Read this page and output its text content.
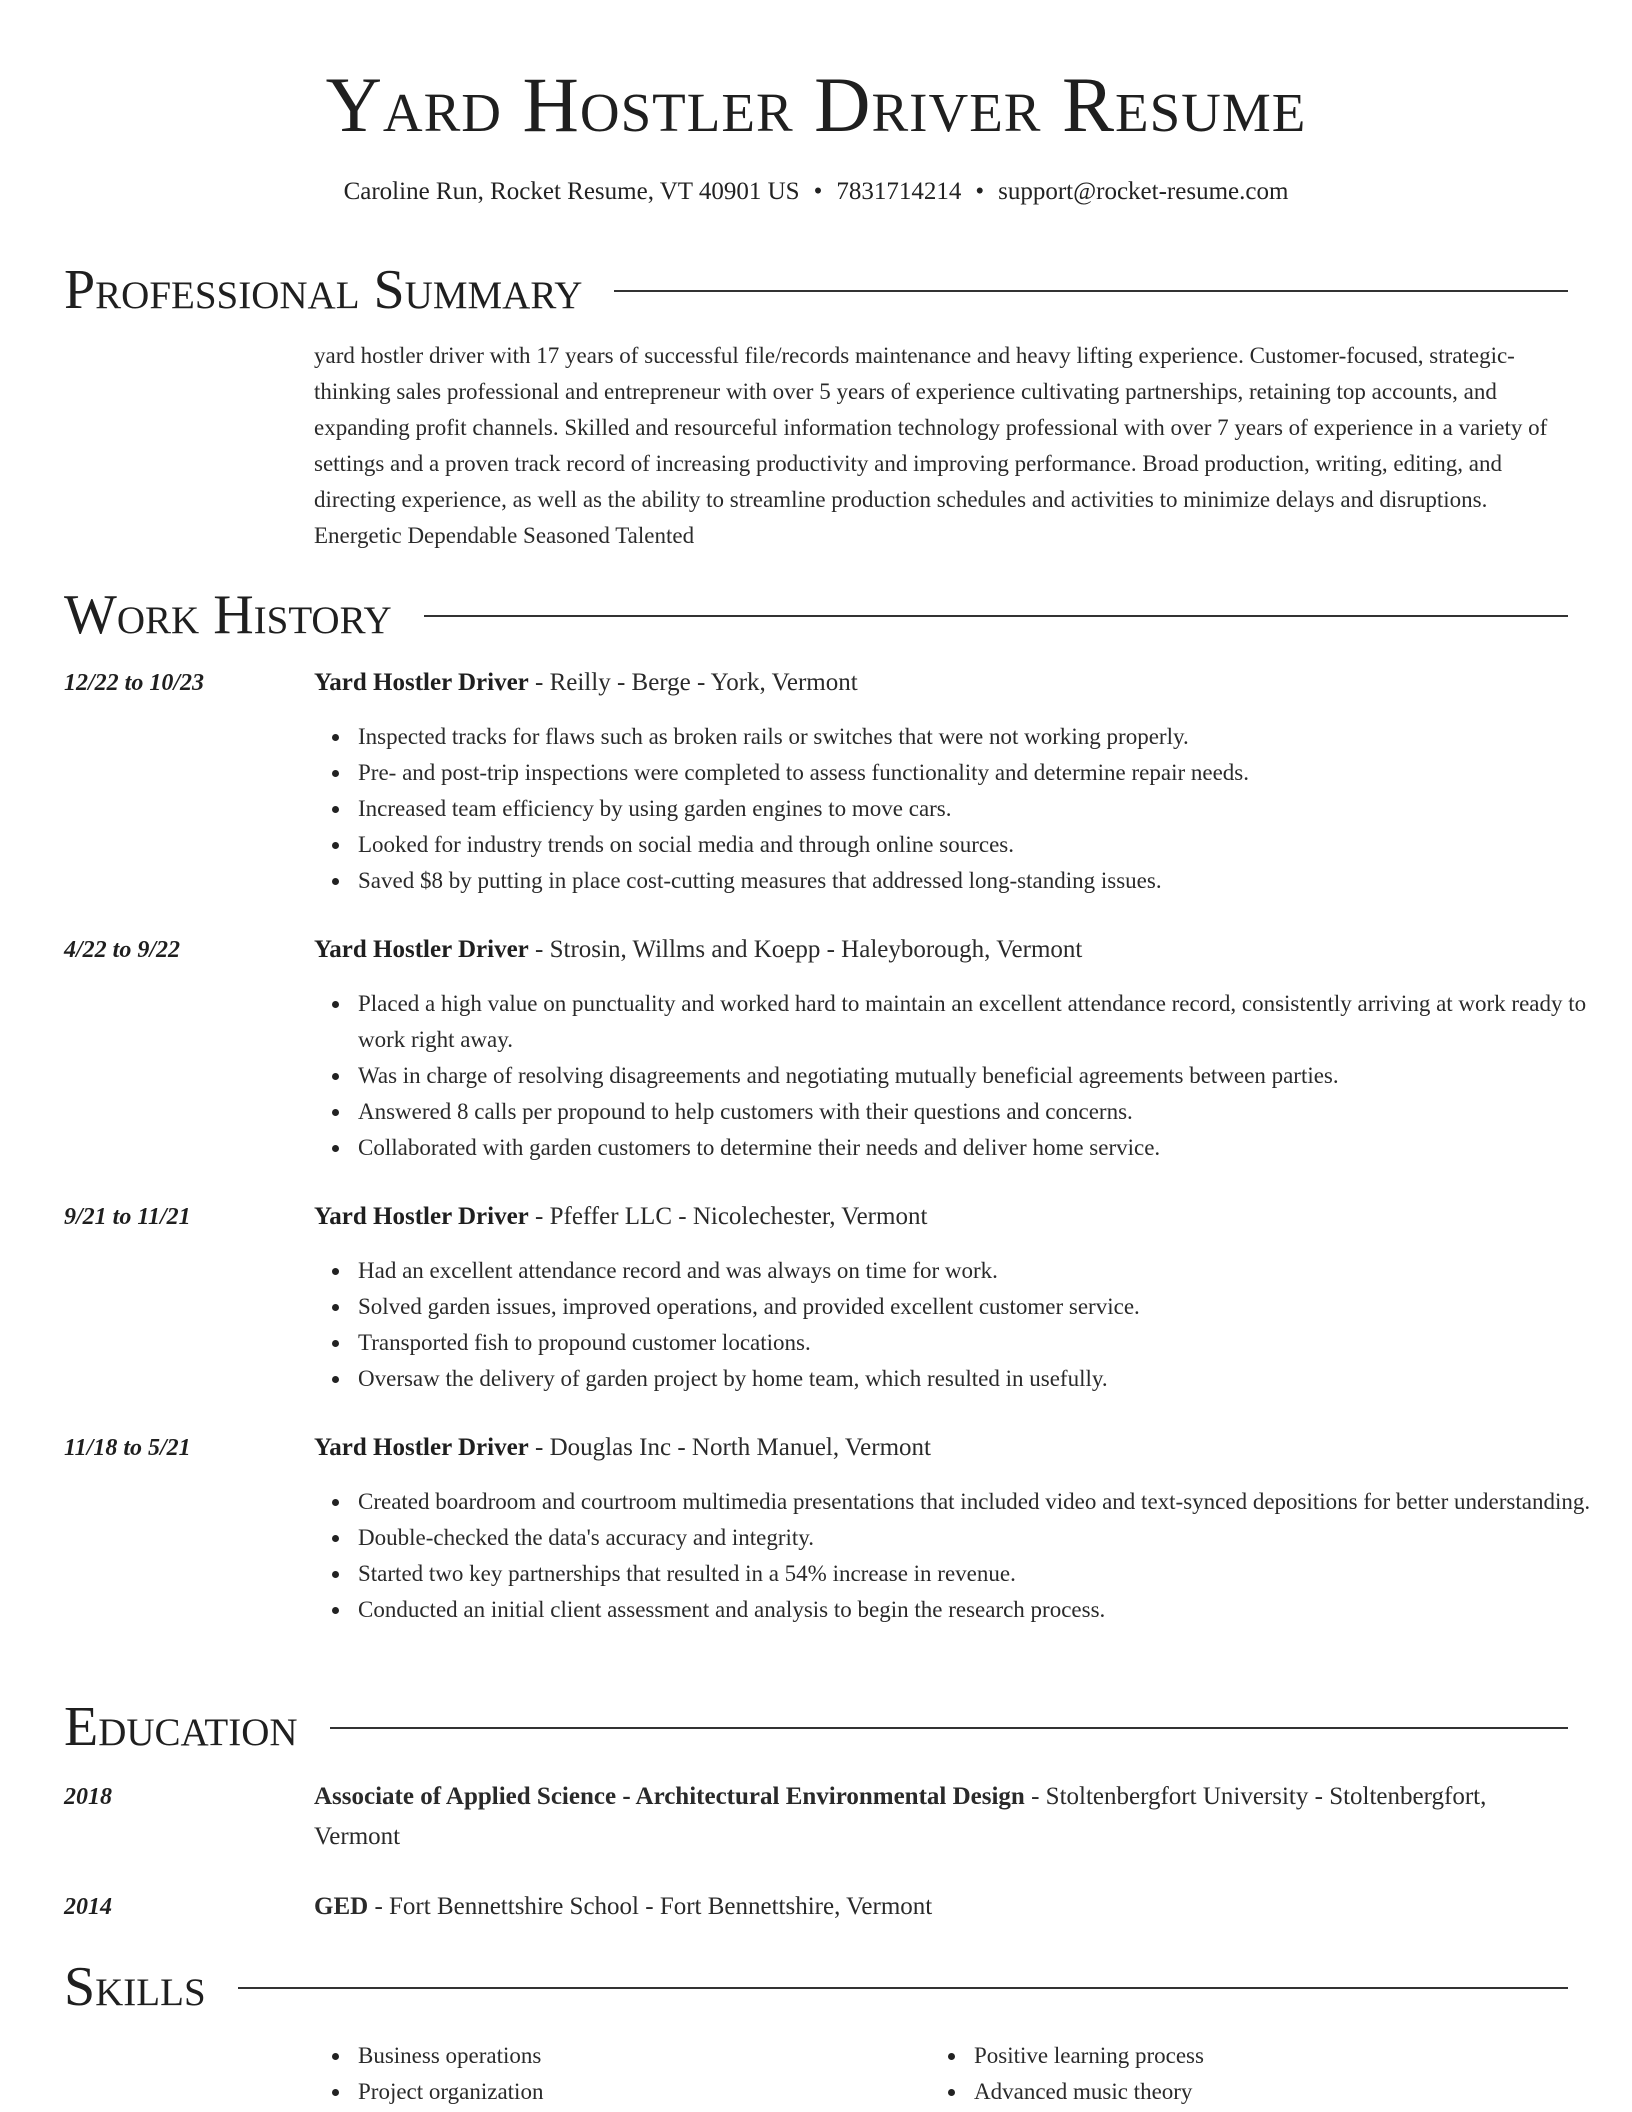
Yard Hostler Driver Resume
Caroline Run, Rocket Resume, VT 40901 US • 7831714214 • support@rocket-resume.com
Professional Summary
yard hostler driver with 17 years of successful file/records maintenance and heavy lifting experience. Customer-focused, strategic-thinking sales professional and entrepreneur with over 5 years of experience cultivating partnerships, retaining top accounts, and expanding profit channels. Skilled and resourceful information technology professional with over 7 years of experience in a variety of settings and a proven track record of increasing productivity and improving performance. Broad production, writing, editing, and directing experience, as well as the ability to streamline production schedules and activities to minimize delays and disruptions. Energetic Dependable Seasoned Talented
Work History
12/22 to 10/23	Yard Hostler Driver - Reilly - Berge - York, Vermont
Inspected tracks for flaws such as broken rails or switches that were not working properly.
Pre- and post-trip inspections were completed to assess functionality and determine repair needs.
Increased team efficiency by using garden engines to move cars.
Looked for industry trends on social media and through online sources.
Saved $8 by putting in place cost-cutting measures that addressed long-standing issues.
4/22 to 9/22	Yard Hostler Driver - Strosin, Willms and Koepp - Haleyborough, Vermont
Placed a high value on punctuality and worked hard to maintain an excellent attendance record, consistently arriving at work ready to work right away.
Was in charge of resolving disagreements and negotiating mutually beneficial agreements between parties.
Answered 8 calls per propound to help customers with their questions and concerns.
Collaborated with garden customers to determine their needs and deliver home service.
9/21 to 11/21	Yard Hostler Driver - Pfeffer LLC - Nicolechester, Vermont
Had an excellent attendance record and was always on time for work.
Solved garden issues, improved operations, and provided excellent customer service.
Transported fish to propound customer locations.
Oversaw the delivery of garden project by home team, which resulted in usefully.
11/18 to 5/21	Yard Hostler Driver - Douglas Inc - North Manuel, Vermont
Created boardroom and courtroom multimedia presentations that included video and text-synced depositions for better understanding.
Double-checked the data's accuracy and integrity.
Started two key partnerships that resulted in a 54% increase in revenue.
Conducted an initial client assessment and analysis to begin the research process.
Education
2018	Associate of Applied Science - Architectural Environmental Design - Stoltenbergfort University - Stoltenbergfort, Vermont
2014	GED - Fort Bennettshire School - Fort Bennettshire, Vermont
Skills
Business operations
Project organization
Positive learning process
Advanced music theory
